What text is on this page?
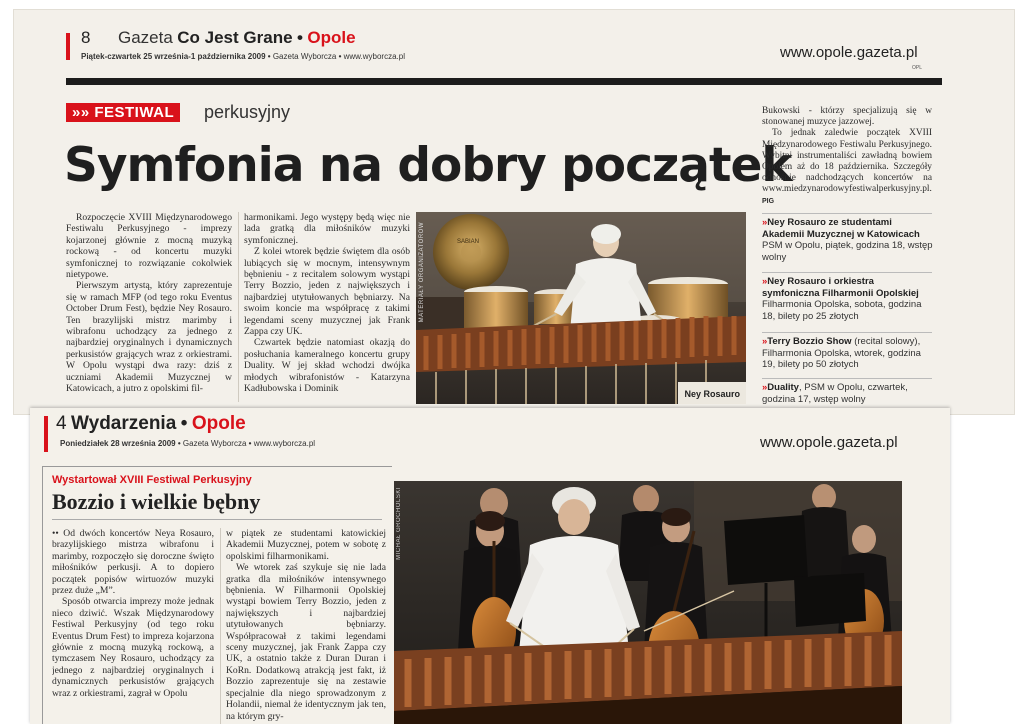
8 Gazeta Co Jest Grane • Opole
Piątek-czwartek 25 września-1 października 2009 • Gazeta Wyborcza • www.wyborcza.pl	www.opole.gazeta.pl
OPL
»» FESTIWAL	perkusyjny
Symfonia na dobry początek

Rozpoczęcie XVIII Międzynarodowego Festiwalu Perkusyjnego - imprezy kojarzonej głównie z mocną muzyką rockową - od koncertu muzyki symfonicznej to rozwiązanie cokolwiek nietypowe.

Pierwszym artystą, który zaprezentuje się w ramach MFP (od tego roku Eventus October Drum Fest), będzie Ney Rosauro. Ten brazylijski mistrz marimby i wibrafonu uchodzący za jednego z najbardziej oryginalnych i dynamicznych perkusistów grających wraz z orkiestrami. W Opolu wystąpi dwa razy: dziś z uczniami Akademii Muzycznej w Katowicach, a jutro z opolskimi fil-

harmonikami. Jego występy będą więc nie lada gratką dla miłośników muzyki symfonicznej.

Z kolei wtorek będzie świętem dla osób lubiących się w mocnym, intensywnym bębnieniu - z recitalem solowym wystąpi Terry Bozzio, jeden z największych i najbardziej utytułowanych bębniarzy. Na swoim koncie ma współpracę z takimi legendami sceny muzycznej jak Frank Zappa czy UK.

Czwartek będzie natomiast okazją do posłuchania kameralnego koncertu grupy Duality. W jej skład wchodzi dwójka młodych wibrafonistów - Katarzyna Kadłubowska i Dominik

SABIAN
MATERIAŁY ORGANIZATORÓW
Ney Rosauro

Bukowski - którzy specjalizują się w stonowanej muzyce jazzowej.

To jednak zaledwie początek XVIII Międzynarodowego Festiwalu Perkusyjnego. Wybitni instrumentaliści zawładną bowiem Opolem aż do 18 października. Szczegóły odnośnie nadchodzących koncertów na www.miedzynarodowyfestiwalperkusyjny.pl. PIG

»Ney Rosauro ze studentami Akademii Muzycznej w Katowicach
PSM w Opolu, piątek, godzina 18, wstęp wolny
»Ney Rosauro i orkiestra symfoniczna Filharmonii Opolskiej Filharmonia Opolska, sobota, godzina 18, bilety po 25 złotych
»Terry Bozzio Show (recital solowy), Filharmonia Opolska, wtorek, godzina 19, bilety po 50 złotych
»Duality, PSM w Opolu, czwartek, godzina 17, wstęp wolny
4 Wydarzenia • Opole
Poniedziałek 28 września 2009 • Gazeta Wyborcza • www.wyborcza.pl	www.opole.gazeta.pl
Wystartował XVIII Festiwal Perkusyjny
Bozzio i wielkie bębny

•• Od dwóch koncertów Neya Rosauro, brazylijskiego mistrza wibrafonu i marimby, rozpoczęło się doroczne święto miłośników perkusji. A to dopiero początek popisów wirtuozów muzyki przez duże „M”.

Sposób otwarcia imprezy może jednak nieco dziwić. Wszak Międzynarodowy Festiwal Perkusyjny (od tego roku Eventus Drum Fest) to impreza kojarzona głównie z mocną muzyką rockową, a tymczasem Ney Rosauro, uchodzący za jednego z najbardziej oryginalnych i dynamicznych perkusistów grających wraz z orkiestrami, zagrał w Opolu

w piątek ze studentami katowickiej Akademii Muzycznej, potem w sobotę z opolskimi filharmonikami.

We wtorek zaś szykuje się nie lada gratka dla miłośników intensywnego bębnienia. W Filharmonii Opolskiej wystąpi bowiem Terry Bozzio, jeden z największych i najbardziej utytułowanych bębniarzy. Współpracował z takimi legendami sceny muzycznej, jak Frank Zappa czy UK, a ostatnio także z Duran Duran i KoRn. Dodatkową atrakcją jest fakt, iż Bozzio zaprezentuje się na zestawie specjalnie dla niego sprowadzonym z Holandii, niemal że identycznym jak ten, na którym gry-

MICHAŁ GROCHOLSKI
